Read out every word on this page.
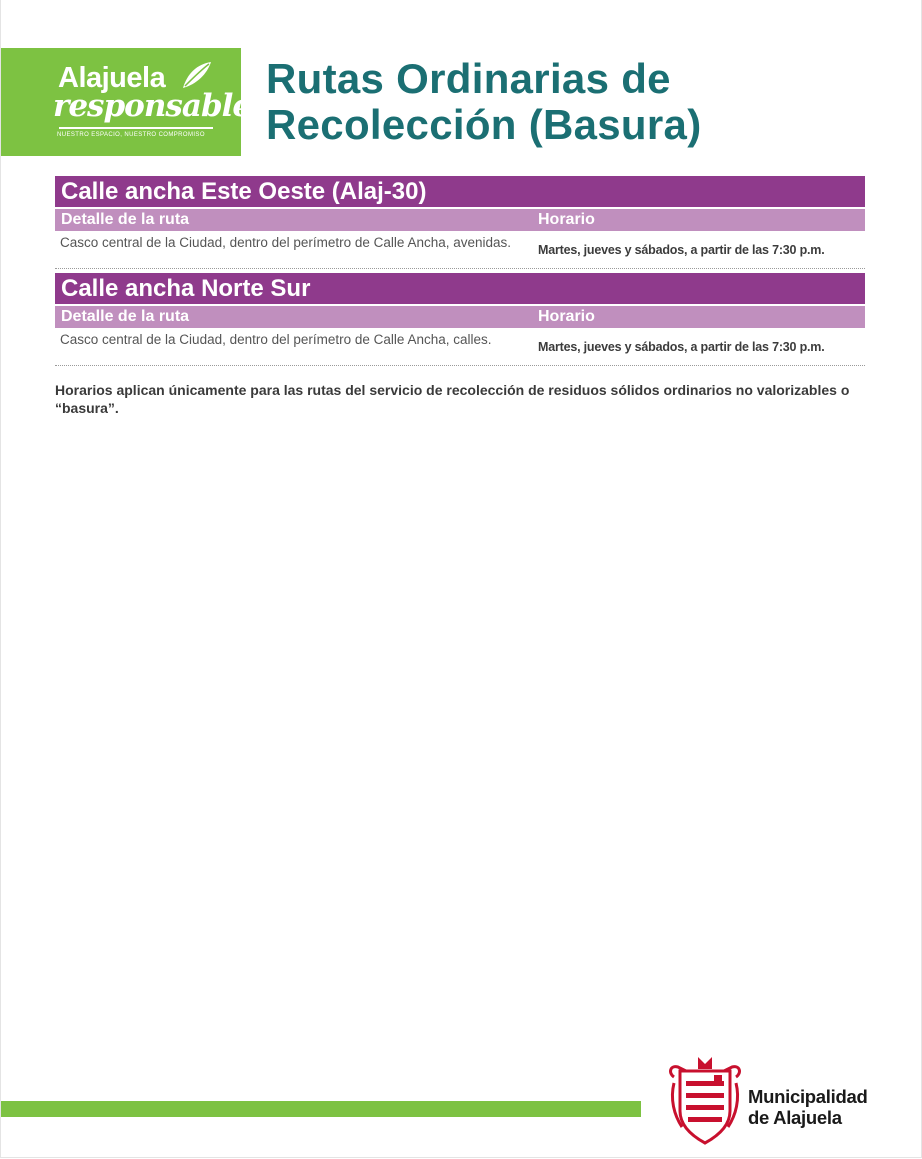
Alajuela
responsable
NUESTRO ESPACIO, NUESTRO COMPROMISO
Rutas Ordinarias de
Recolección (Basura)
Calle ancha Este Oeste (Alaj-30)
Detalle de la ruta	Horario
Casco central de la Ciudad, dentro del perímetro de Calle Ancha, avenidas.	Martes, jueves y sábados, a partir de las 7:30 p.m.
Calle ancha Norte Sur
Detalle de la ruta	Horario
Casco central de la Ciudad, dentro del perímetro de Calle Ancha, calles.	Martes, jueves y sábados, a partir de las 7:30 p.m.

Horarios aplican únicamente para las rutas del servicio de recolección de residuos sólidos ordinarios no valorizables o “basura”.

Municipalidad
de Alajuela
